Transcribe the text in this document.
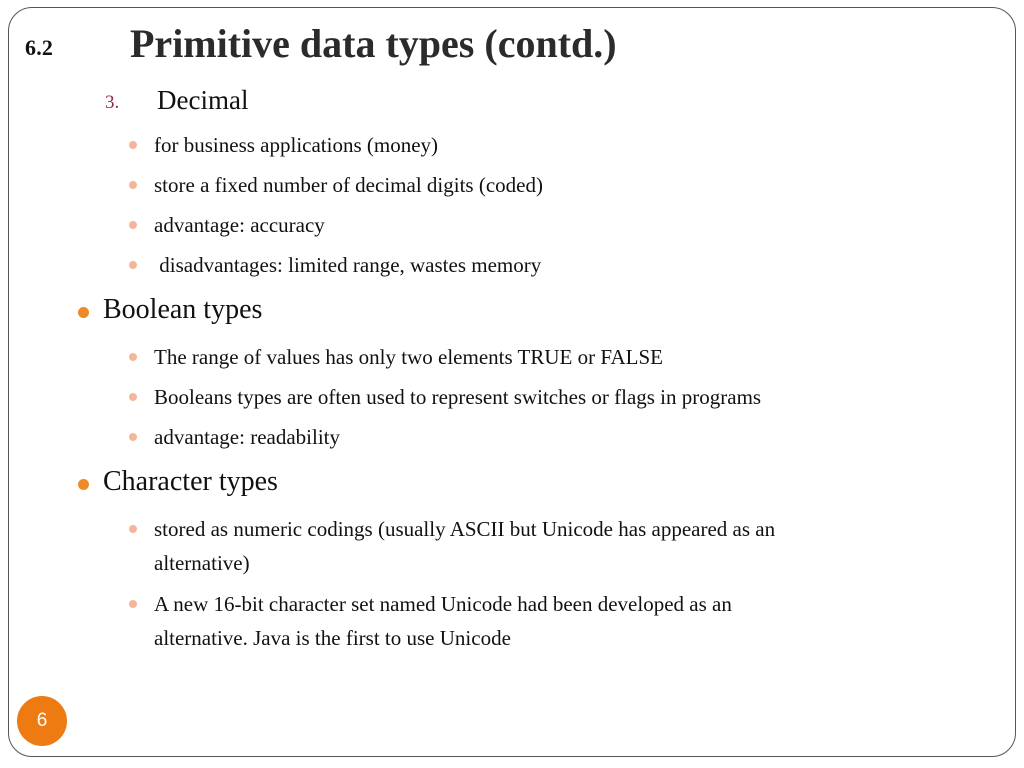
6.2 Primitive data types (contd.)
3. Decimal
for business applications (money)
store a fixed number of decimal digits (coded)
advantage: accuracy
disadvantages: limited range, wastes memory
Boolean types
The range of values has only two elements TRUE or FALSE
Booleans types are often used to represent switches or flags in programs
advantage: readability
Character types
stored as numeric codings (usually ASCII but Unicode has appeared as an
alternative)
A new 16-bit character set named Unicode had been developed as an
alternative. Java is the first to use Unicode
6
